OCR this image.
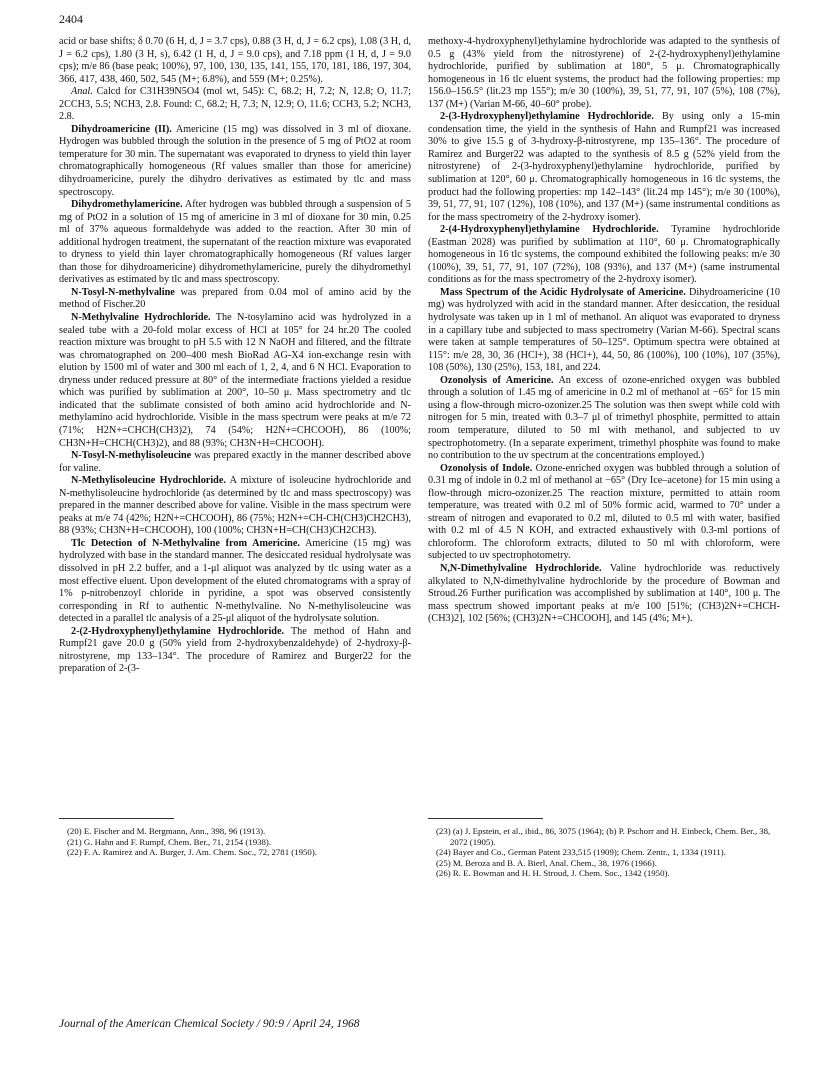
2404

acid or base shifts; δ 0.70 (6 H, d, J = 3.7 cps), 0.88 (3 H, d, J = 6.2 cps), 1.08 (3 H, d, J = 6.2 cps), 1.80 (3 H, s), 6.42 (1 H, d, J = 9.0 cps), and 7.18 ppm (1 H, d, J = 9.0 cps); m/e 86 (base peak; 100%), 97, 100, 130, 135, 141, 155, 170, 181, 186, 197, 304, 366, 417, 438, 460, 502, 545 (M+; 6.8%), and 559 (M+; 0.25%).

Anal. Calcd for C31H39N5O4 (mol wt, 545): C, 68.2; H, 7.2; N, 12.8; O, 11.7; 2CCH3, 5.5; NCH3, 2.8. Found: C, 68.2; H, 7.3; N, 12.9; O, 11.6; CCH3, 5.2; NCH3, 2.8.

Dihydroamericine (II). Americine (15 mg) was dissolved in 3 ml of dioxane. Hydrogen was bubbled through the solution in the presence of 5 mg of PtO2 at room temperature for 30 min. The supernatant was evaporated to dryness to yield thin layer chromatographically homogeneous (Rf values smaller than those for americine) dihydroamericine, purely the dihydro derivatives as estimated by tlc and mass spectroscopy.

Dihydromethylamericine. After hydrogen was bubbled through a suspension of 5 mg of PtO2 in a solution of 15 mg of americine in 3 ml of dioxane for 30 min, 0.25 ml of 37% aqueous formaldehyde was added to the reaction. After 30 min of additional hydrogen treatment, the supernatant of the reaction mixture was evaporated to dryness to yield thin layer chromatographically homogeneous (Rf values larger than those for dihydroamericine) dihydromethylamericine, purely the dihydromethyl derivatives as estimated by tlc and mass spectroscopy.

N-Tosyl-N-methylvaline was prepared from 0.04 mol of amino acid by the method of Fischer.20

N-Methylvaline Hydrochloride. The N-tosylamino acid was hydrolyzed in a sealed tube with a 20-fold molar excess of HCl at 105° for 24 hr.20 The cooled reaction mixture was brought to pH 5.5 with 12 N NaOH and filtered, and the filtrate was chromatographed on 200–400 mesh BioRad AG-X4 ion-exchange resin with elution by 1500 ml of water and 300 ml each of 1, 2, 4, and 6 N HCl. Evaporation to dryness under reduced pressure at 80° of the intermediate fractions yielded a residue which was purified by sublimation at 200°, 10–50 μ. Mass spectrometry and tlc indicated that the sublimate consisted of both amino acid hydrochloride and N-methylamino acid hydrochloride. Visible in the mass spectrum were peaks at m/e 72 (71%; H2N+=CHCH(CH3)2), 74 (54%; H2N+=CHCOOH), 86 (100%; CH3N+H=CHCH(CH3)2), and 88 (93%; CH3N+H=CHCOOH).

N-Tosyl-N-methylisoleucine was prepared exactly in the manner described above for valine.

N-Methylisoleucine Hydrochloride. A mixture of isoleucine hydrochloride and N-methylisoleucine hydrochloride (as determined by tlc and mass spectroscopy) was prepared in the manner described above for valine. Visible in the mass spectrum were peaks at m/e 74 (42%; H2N+=CHCOOH), 86 (75%; H2N+=CH-CH(CH3)CH2CH3), 88 (93%; CH3N+H=CHCOOH), 100 (100%; CH3N+H=CH(CH3)CH2CH3).

Tlc Detection of N-Methylvaline from Americine. Americine (15 mg) was hydrolyzed with base in the standard manner. The desiccated residual hydrolysate was dissolved in pH 2.2 buffer, and a 1-μl aliquot was analyzed by tlc using water as a most effective eluent. Upon development of the eluted chromatograms with a spray of 1% p-nitrobenzoyl chloride in pyridine, a spot was observed consistently corresponding in Rf to authentic N-methylvaline. No N-methylisoleucine was detected in a parallel tlc analysis of a 25-μl aliquot of the hydrolysate solution.

2-(2-Hydroxyphenyl)ethylamine Hydrochloride. The method of Hahn and Rumpf21 gave 20.0 g (50% yield from 2-hydroxybenzaldehyde) of 2-hydroxy-β-nitrostyrene, mp 133–134°. The procedure of Ramirez and Burger22 for the preparation of 2-(3-

methoxy-4-hydroxyphenyl)ethylamine hydrochloride was adapted to the synthesis of 0.5 g (43% yield from the nitrostyrene) of 2-(2-hydroxyphenyl)ethylamine hydrochloride, purified by sublimation at 180°, 5 μ. Chromatographically homogeneous in 16 tlc eluent systems, the product had the following properties: mp 156.0–156.5° (lit.23 mp 155°); m/e 30 (100%), 39, 51, 77, 91, 107 (5%), 108 (7%), 137 (M+) (Varian M-66, 40–60° probe).

2-(3-Hydroxyphenyl)ethylamine Hydrochloride. By using only a 15-min condensation time, the yield in the synthesis of Hahn and Rumpf21 was increased 30% to give 15.5 g of 3-hydroxy-β-nitrostyrene, mp 135–136°. The procedure of Ramirez and Burger22 was adapted to the synthesis of 8.5 g (52% yield from the nitrostyrene) of 2-(3-hydroxyphenyl)ethylamine hydrochloride, purified by sublimation at 120°, 60 μ. Chromatographically homogeneous in 16 tlc systems, the product had the following properties: mp 142–143° (lit.24 mp 145°); m/e 30 (100%), 39, 51, 77, 91, 107 (12%), 108 (10%), and 137 (M+) (same instrumental conditions as for the mass spectrometry of the 2-hydroxy isomer).

2-(4-Hydroxyphenyl)ethylamine Hydrochloride. Tyramine hydrochloride (Eastman 2028) was purified by sublimation at 110°, 60 μ. Chromatographically homogeneous in 16 tlc systems, the compound exhibited the following peaks: m/e 30 (100%), 39, 51, 77, 91, 107 (72%), 108 (93%), and 137 (M+) (same instrumental conditions as for the mass spectrometry of the 2-hydroxy isomer).

Mass Spectrum of the Acidic Hydrolysate of Americine. Dihydroamericine (10 mg) was hydrolyzed with acid in the standard manner. After desiccation, the residual hydrolysate was taken up in 1 ml of methanol. An aliquot was evaporated to dryness in a capillary tube and subjected to mass spectrometry (Varian M-66). Spectral scans were taken at sample temperatures of 50–125°. Optimum spectra were obtained at 115°: m/e 28, 30, 36 (HCl+), 38 (HCl+), 44, 50, 86 (100%), 100 (10%), 107 (35%), 108 (50%), 130 (25%), 153, 181, and 224.

Ozonolysis of Americine. An excess of ozone-enriched oxygen was bubbled through a solution of 1.45 mg of americine in 0.2 ml of methanol at −65° for 15 min using a flow-through micro-ozonizer.25 The solution was then swept while cold with nitrogen for 5 min, treated with 0.3–7 μl of trimethyl phosphite, permitted to attain room temperature, diluted to 50 ml with methanol, and subjected to uv spectrophotometry. (In a separate experiment, trimethyl phosphite was found to make no contribution to the uv spectrum at the concentrations employed.)

Ozonolysis of Indole. Ozone-enriched oxygen was bubbled through a solution of 0.31 mg of indole in 0.2 ml of methanol at −65° (Dry Ice–acetone) for 15 min using a flow-through micro-ozonizer.25 The reaction mixture, permitted to attain room temperature, was treated with 0.2 ml of 50% formic acid, warmed to 70° under a stream of nitrogen and evaporated to 0.2 ml, diluted to 0.5 ml with water, basified with 0.2 ml of 4.5 N KOH, and extracted exhaustively with 0.3-ml portions of chloroform. The chloroform extracts, diluted to 50 ml with chloroform, were subjected to uv spectrophotometry.

N,N-Dimethylvaline Hydrochloride. Valine hydrochloride was reductively alkylated to N,N-dimethylvaline hydrochloride by the procedure of Bowman and Stroud.26 Further purification was accomplished by sublimation at 140°, 100 μ. The mass spectrum showed important peaks at m/e 100 [51%; (CH3)2N+=CHCH-(CH3)2], 102 [56%; (CH3)2N+=CHCOOH], and 145 (4%; M+).

(20) E. Fischer and M. Bergmann, Ann., 398, 96 (1913).

(21) G. Hahn and F. Rumpf, Chem. Ber., 71, 2154 (1938).

(22) F. A. Ramirez and A. Burger, J. Am. Chem. Soc., 72, 2781 (1950).

(23) (a) J. Epstein, et al., ibid., 86, 3075 (1964); (b) P. Pschorr and H. Einbeck, Chem. Ber., 38, 2072 (1905).

(24) Bayer and Co., German Patent 233,515 (1909); Chem. Zentr., 1, 1334 (1911).

(25) M. Beroza and B. A. Bierl, Anal. Chem., 38, 1976 (1966).

(26) R. E. Bowman and H. H. Stroud, J. Chem. Soc., 1342 (1950).

Journal of the American Chemical Society / 90:9 / April 24, 1968
